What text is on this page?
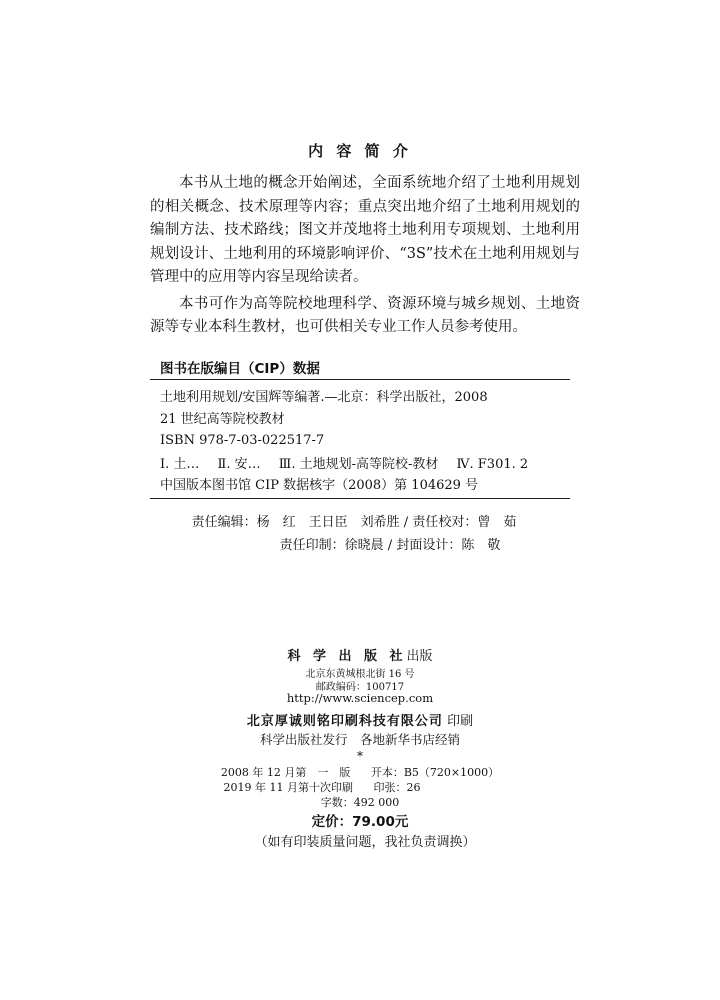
内 容 简 介

本书从土地的概念开始阐述，全面系统地介绍了土地利用规划的相关概念、技术原理等内容；重点突出地介绍了土地利用规划的编制方法、技术路线；图文并茂地将土地利用专项规划、土地利用规划设计、土地利用的环境影响评价、“3S”技术在土地利用规划与管理中的应用等内容呈现给读者。

本书可作为高等院校地理科学、资源环境与城乡规划、土地资源等专业本科生教材，也可供相关专业工作人员参考使用。

图书在版编目（CIP）数据
土地利用规划/安国辉等编著.—北京：科学出版社，2008
21 世纪高等院校教材
ISBN 978-7-03-022517-7
Ⅰ. 土… Ⅱ. 安… Ⅲ. 土地规划-高等院校-教材 Ⅳ. F301. 2
中国版本图书馆 CIP 数据核字（2008）第 104629 号
责任编辑：杨　红　王日臣　刘希胜 / 责任校对：曾　茹
责任印制：徐晓晨 / 封面设计：陈　敬
科 学 出 版 社出版
北京东黄城根北街 16 号
邮政编码：100717
http://www.sciencep.com
北京厚诚则铭印刷科技有限公司 印刷
科学出版社发行　各地新华书店经销
*
2008 年 12 月第　一　版 开本：B5（720×1000）
2019 年 11 月第十次印刷 印张：26
字数：492 000
定价：79.00元
（如有印装质量问题，我社负责调换）
